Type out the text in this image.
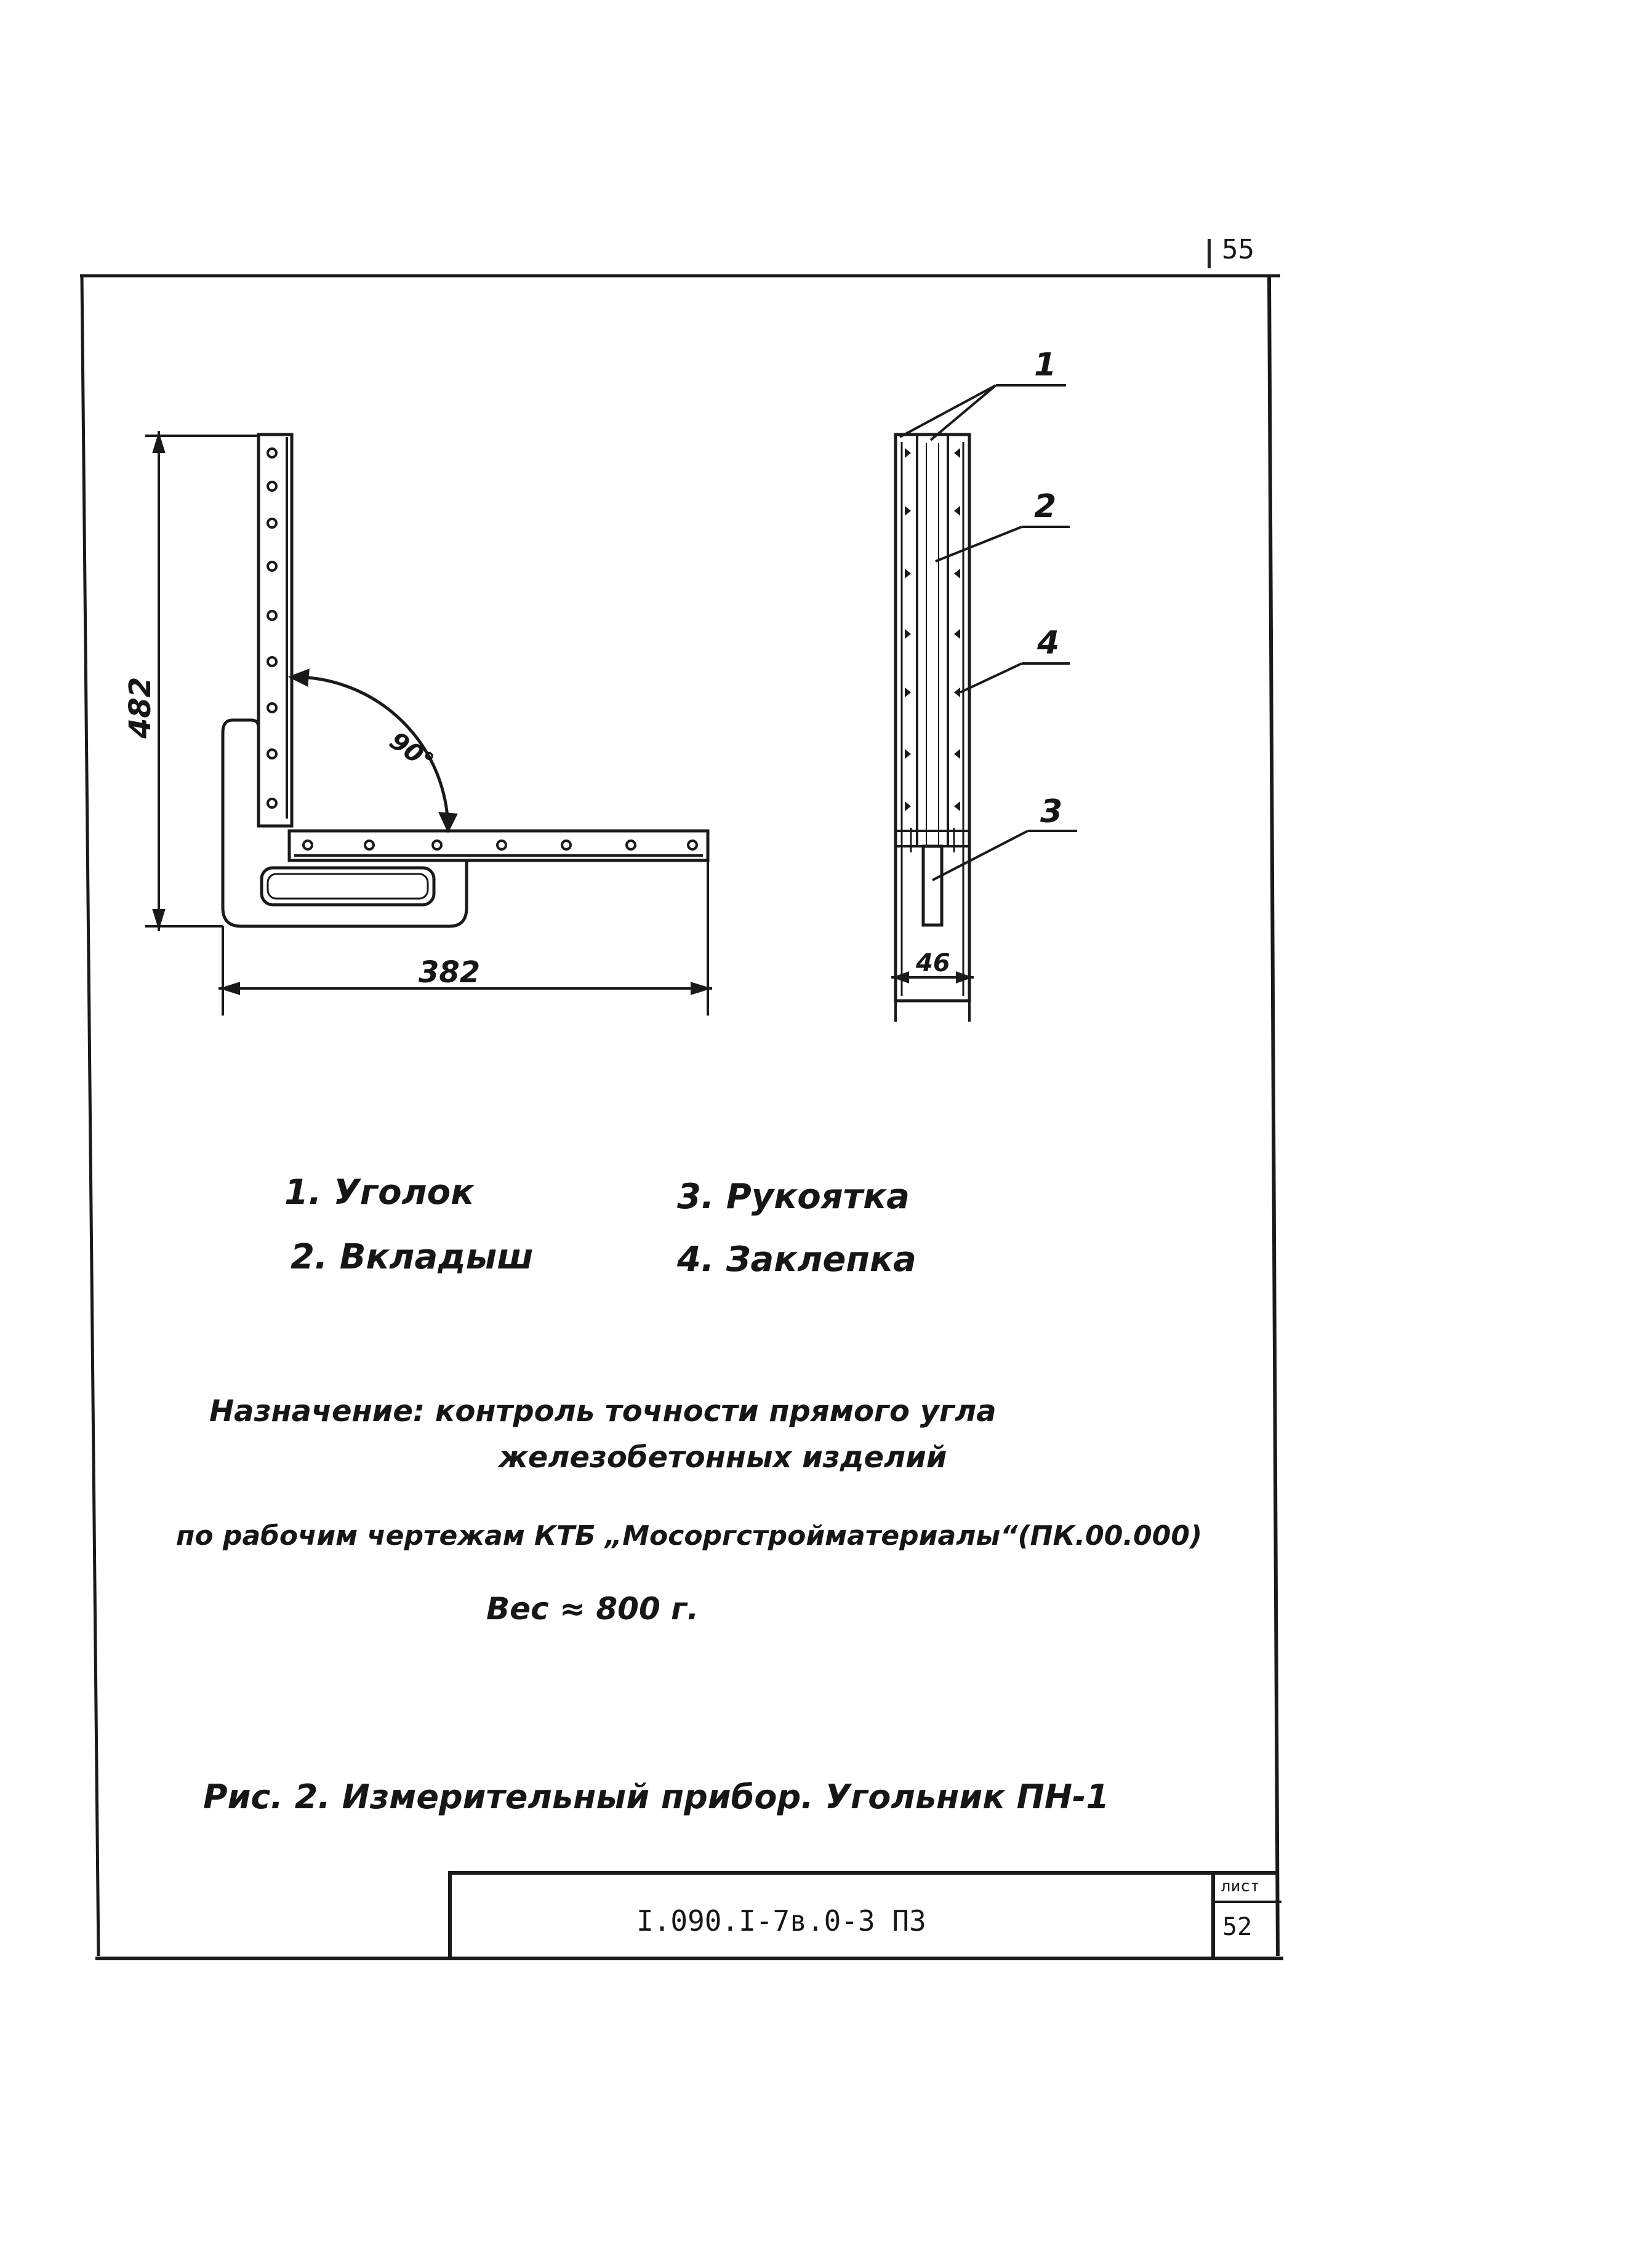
55
482
382
90°
46
1
2
4
3
1. Уголок
2. Вкладыш
3. Рукоятка
4. Заклепка
Назначение: контроль точности прямого угла
железобетонных изделий
по рабочим чертежам КТБ „Мосоргстройматериалы“(ПК.00.000)
Вес ≈ 800 г.
Рис. 2. Измерительный прибор. Угольник ПН-1
I.090.I-7в.0-3 ПЗ
лист
52
